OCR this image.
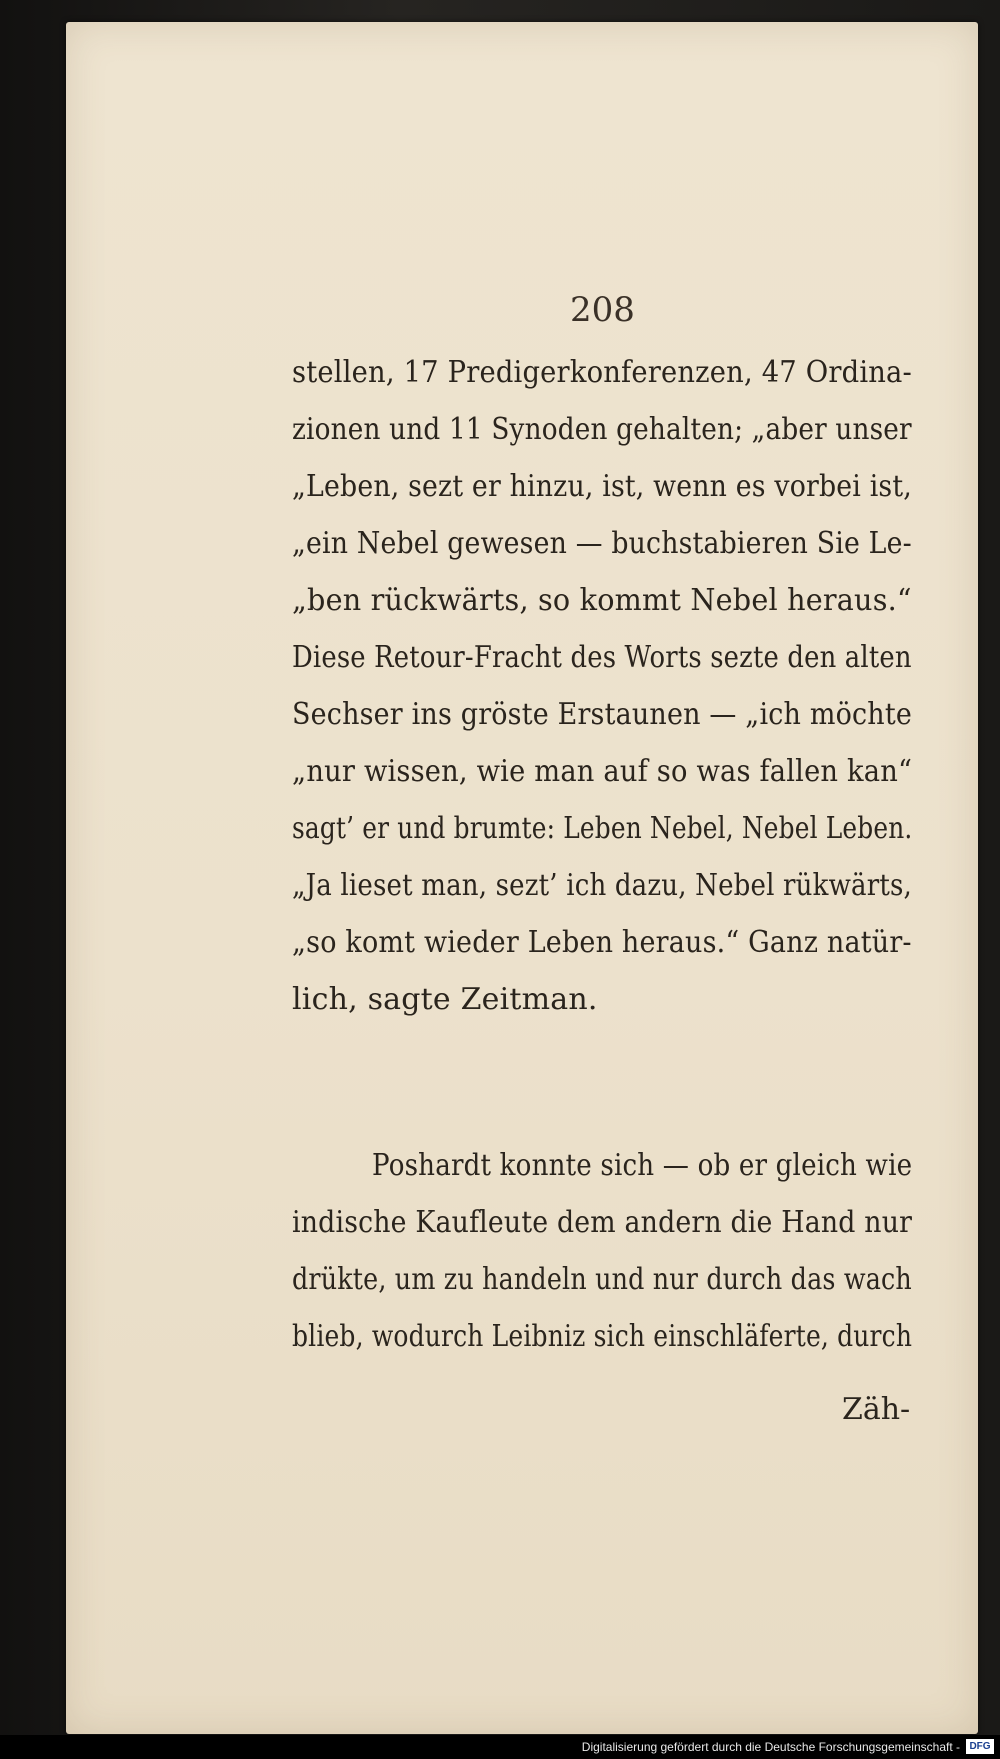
208
stellen, 17 Predigerkonferenzen, 47 Ordina-
zionen und 11 Synoden gehalten; „aber unser
„Leben, sezt er hinzu, ist, wenn es vorbei ist,
„ein Nebel gewesen — buchstabieren Sie Le-
„ben rückwärts, so kommt Nebel heraus.“
Diese Retour-Fracht des Worts sezte den alten
Sechser ins gröste Erstaunen — „ich möchte
„nur wissen, wie man auf so was fallen kan“
sagt’ er und brumte: Leben Nebel, Nebel Leben.
„Ja lieset man, sezt’ ich dazu, Nebel rükwärts,
„so komt wieder Leben heraus.“ Ganz natür-
lich, sagte Zeitman.
Poshardt konnte sich — ob er gleich wie
indische Kaufleute dem andern die Hand nur
drükte, um zu handeln und nur durch das wach
blieb, wodurch Leibniz sich einschläferte, durch
Zäh-
Digitalisierung gefördert durch die Deutsche Forschungsgemeinschaft - DFG
